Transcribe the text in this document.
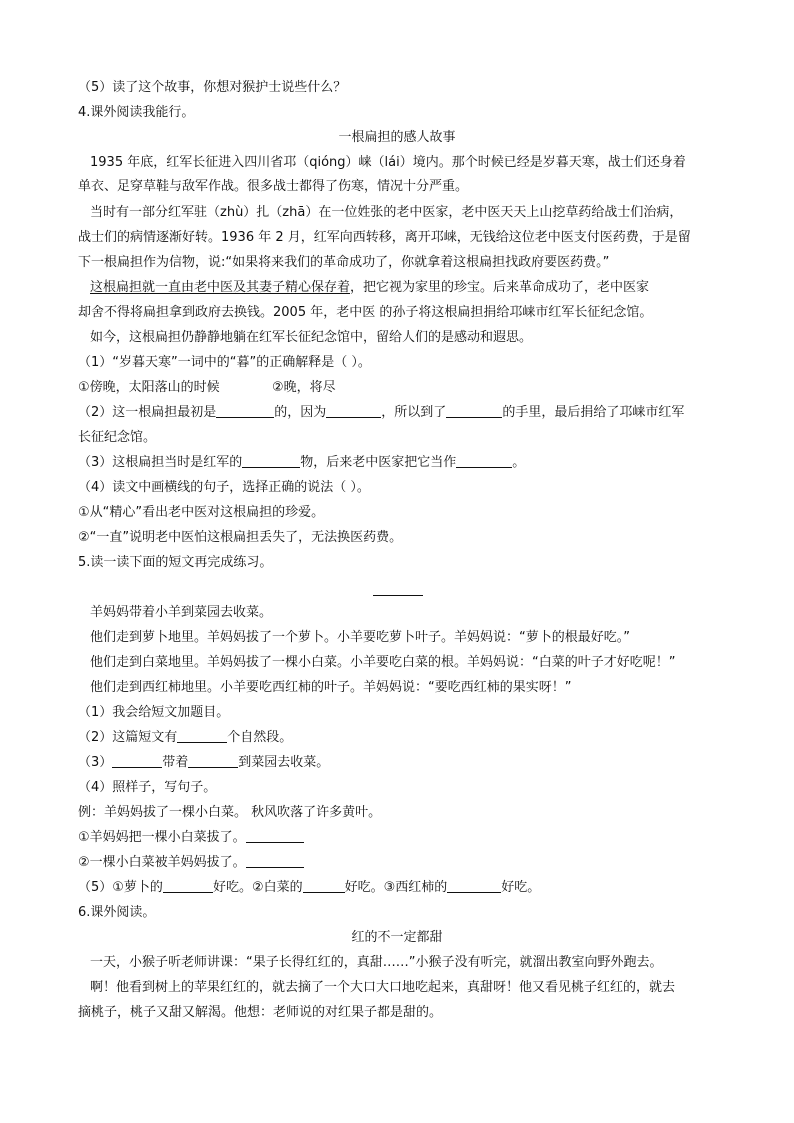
（5）读了这个故事，你想对猴护士说些什么？
4.课外阅读我能行。
一根扁担的感人故事
1935 年底，红军长征进入四川省邛（qióng）崃（lái）境内。那个时候已经是岁暮天寒，战士们还身着
单衣、足穿草鞋与敌军作战。很多战士都得了伤寒，情况十分严重。
当时有一部分红军驻（zhù）扎（zhā）在一位姓张的老中医家，老中医天天上山挖草药给战士们治病，
战士们的病情逐渐好转。1936 年 2 月，红军向西转移，离开邛崃，无钱给这位老中医支付医药费，于是留
下一根扁担作为信物，说:“如果将来我们的革命成功了，你就拿着这根扁担找政府要医药费。”
这根扁担就一直由老中医及其妻子精心保存着，把它视为家里的珍宝。后来革命成功了，老中医家
却舍不得将扁担拿到政府去换钱。2005 年，老中医 的孙子将这根扁担捐给邛崃市红军长征纪念馆。
如今，这根扁担仍静静地躺在红军长征纪念馆中，留给人们的是感动和遐思。
（1）“岁暮天寒”一词中的“暮”的正确解释是（ ）。
①傍晚，太阳落山的时候	②晚，将尽
（2）这一根扁担最初是	的，因为	，所以到了	的手里，最后捐给了邛崃市红军
长征纪念馆。
（3）这根扁担当时是红军的	物，后来老中医家把它当作	。
（4）读文中画横线的句子，选择正确的说法（ ）。
①从“精心”看出老中医对这根扁担的珍爱。
②“一直”说明老中医怕这根扁担丢失了，无法换医药费。
5.读一读下面的短文再完成练习。
羊妈妈带着小羊到菜园去收菜。
他们走到萝卜地里。羊妈妈拔了一个萝卜。小羊要吃萝卜叶子。羊妈妈说：“萝卜的根最好吃。”
他们走到白菜地里。羊妈妈拔了一棵小白菜。小羊要吃白菜的根。羊妈妈说：“白菜的叶子才好吃呢！”
他们走到西红柿地里。小羊要吃西红柿的叶子。羊妈妈说：“要吃西红柿的果实呀！”
（1）我会给短文加题目。
（2）这篇短文有	个自然段。
（3）	带着	到菜园去收菜。
（4）照样子，写句子。
例：羊妈妈拔了一棵小白菜。 秋风吹落了许多黄叶。
①羊妈妈把一棵小白菜拔了。
②一棵小白菜被羊妈妈拔了。
（5）①萝卜的	好吃。②白菜的	好吃。③西红柿的	好吃。
6.课外阅读。
红的不一定都甜
一天，小猴子听老师讲课：“果子长得红红的，真甜……”小猴子没有听完，就溜出教室向野外跑去。
啊！他看到树上的苹果红红的，就去摘了一个大口大口地吃起来，真甜呀！他又看见桃子红红的，就去
摘桃子，桃子又甜又解渴。他想：老师说的对红果子都是甜的。
